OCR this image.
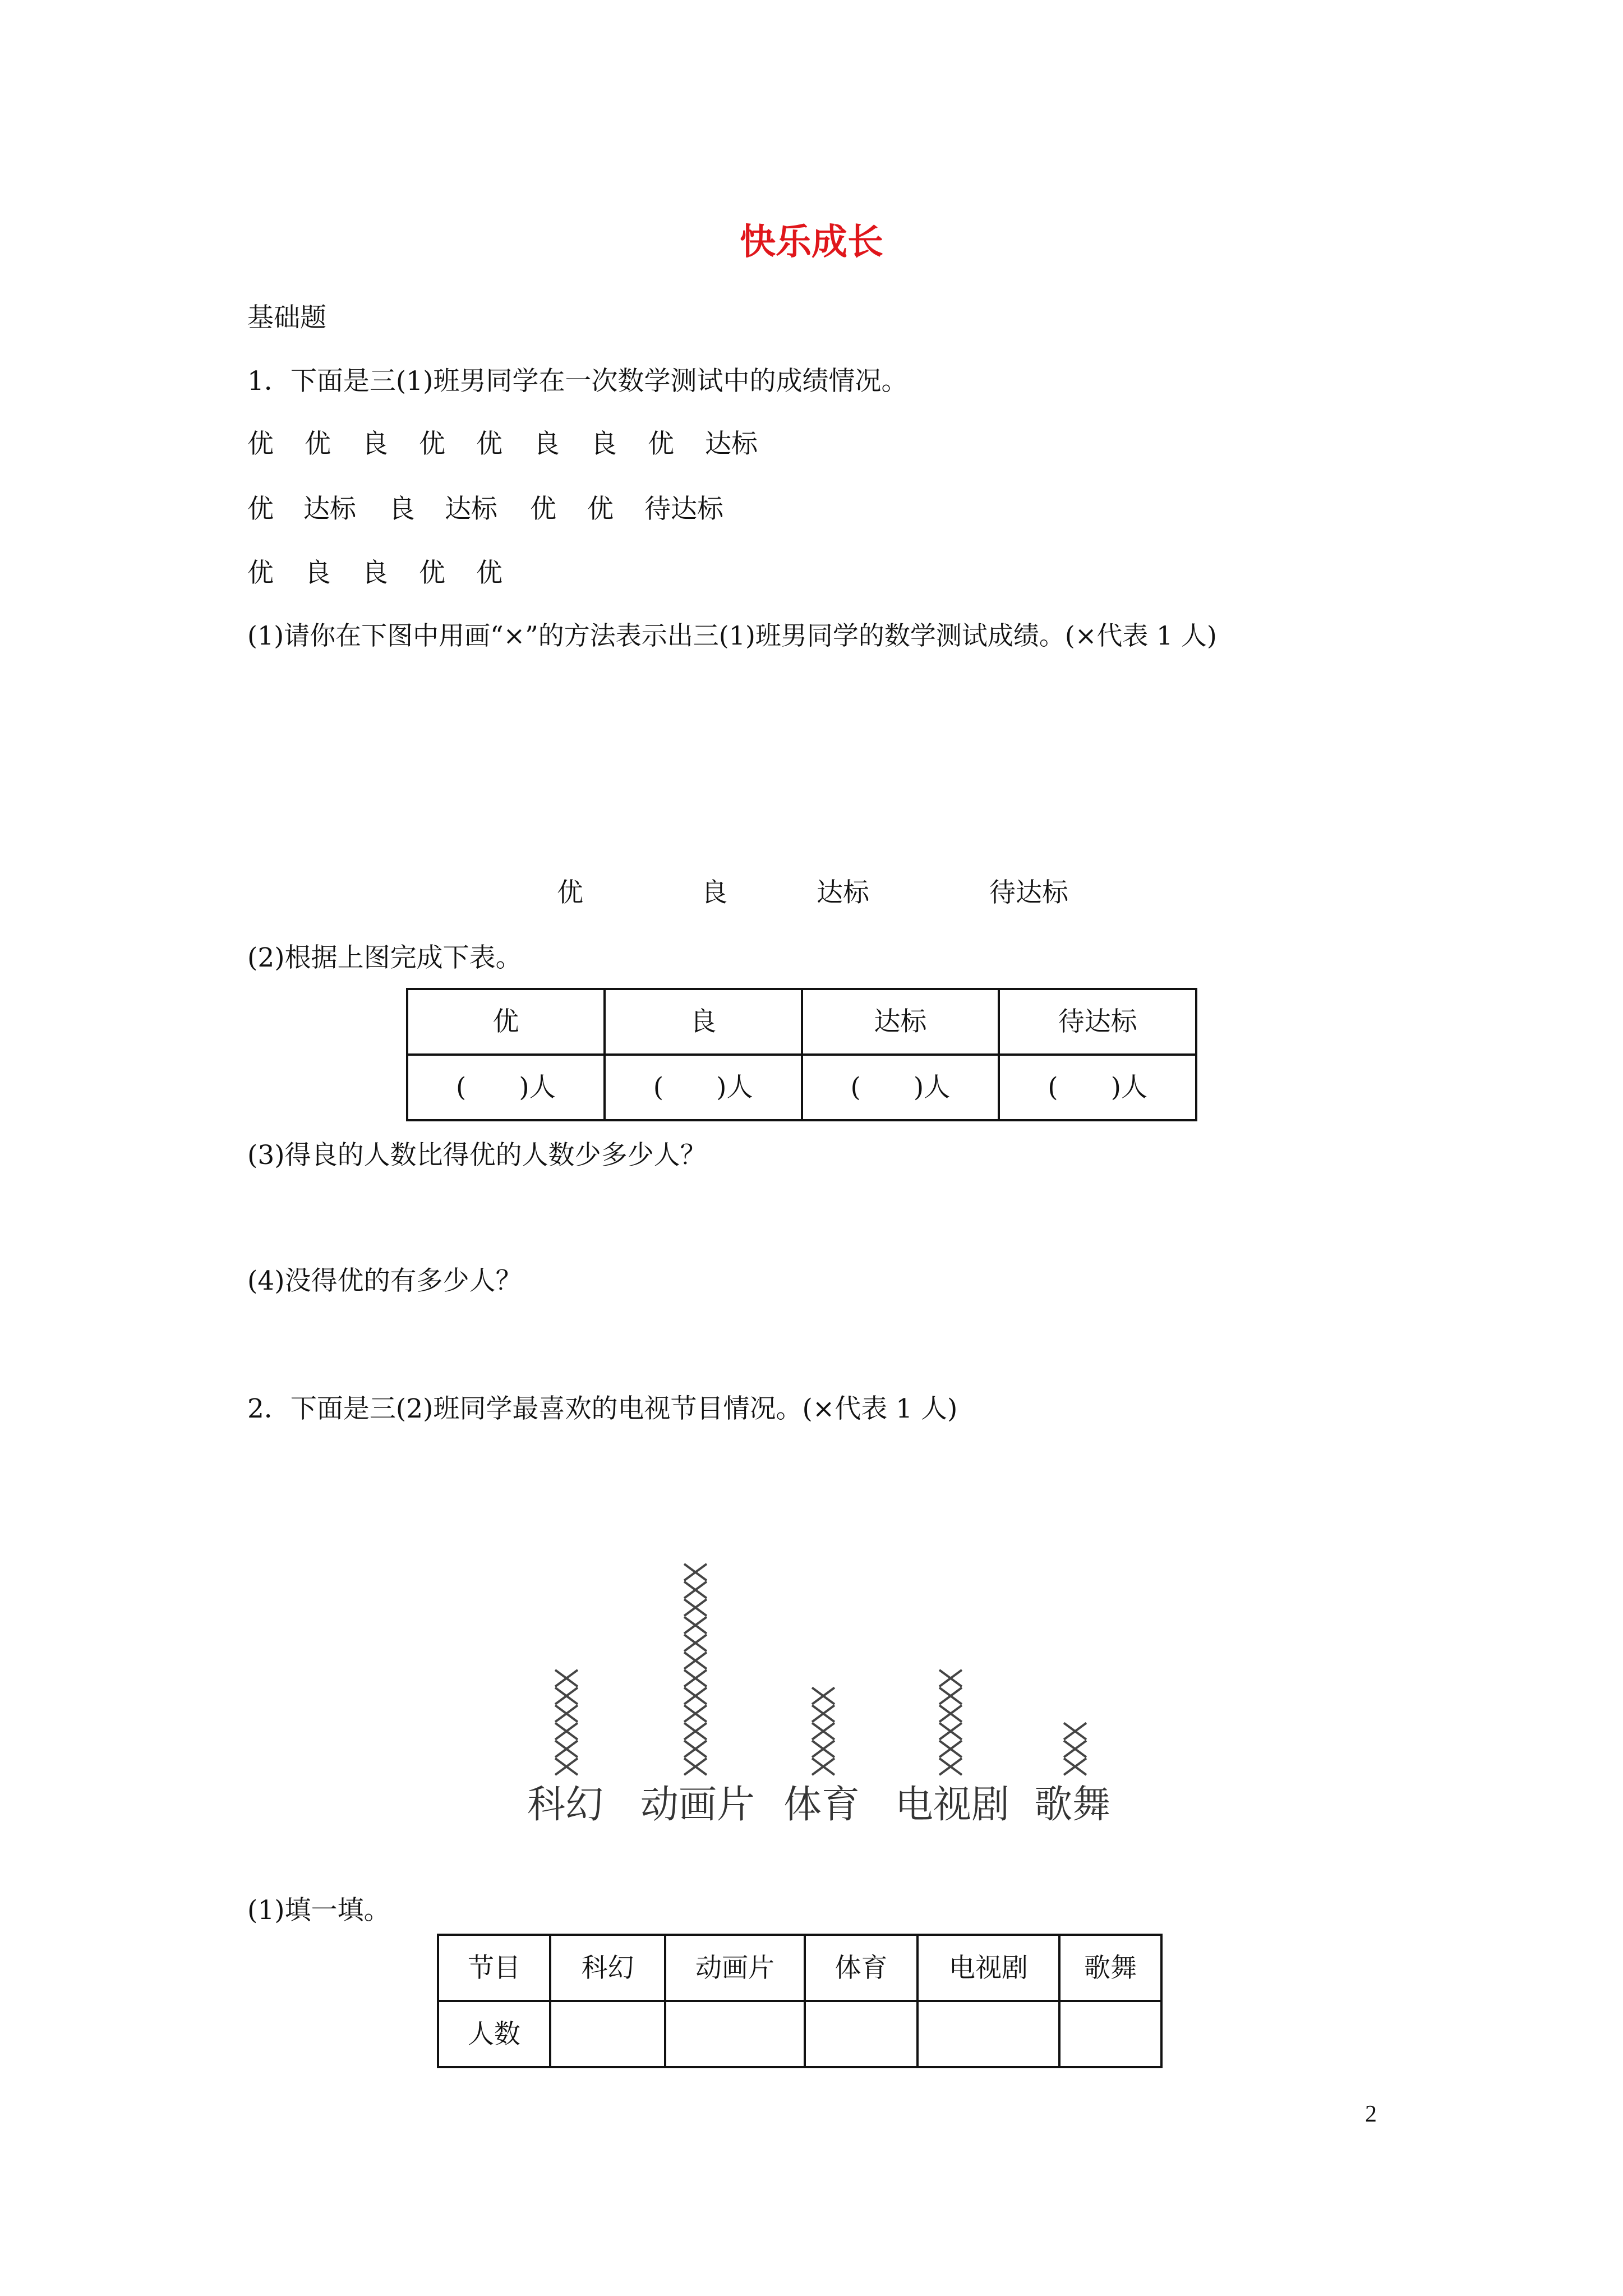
快乐成长
基础题
1．下面是三(1)班男同学在一次数学测试中的成绩情况。
优	优	良	优	优	良	良	优	达标
优	达标	良	达标	优	优	待达标
优	良	良	优	优
(1)请你在下图中用画“×”的方法表示出三(1)班男同学的数学测试成绩。(×代表 1 人)
优	良	达标	待达标
(2)根据上图完成下表。
优	良	达标	待达标
(　　)人	(　　)人	(　　)人	(　　)人
(3)得良的人数比得优的人数少多少人？
(4)没得优的有多少人？
2．下面是三(2)班同学最喜欢的电视节目情况。(×代表 1 人)
科幻 动画片 体育 电视剧 歌舞
(1)填一填。
节目	科幻	动画片	体育	电视剧	歌舞
人数					
2
